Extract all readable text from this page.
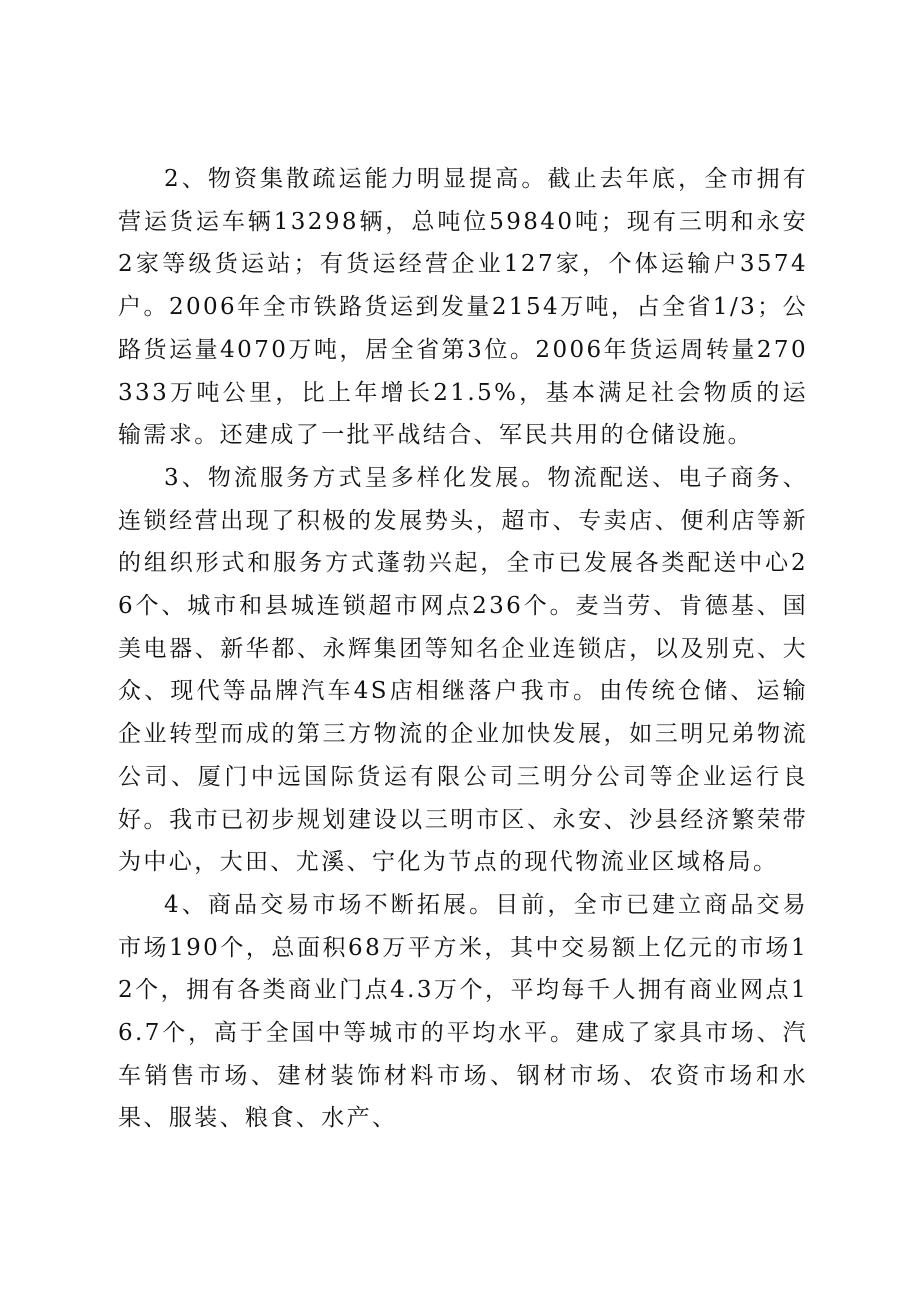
2、物资集散疏运能力明显提高。截止去年底，全市拥有营运货运车辆13298辆，总吨位59840吨；现有三明和永安2家等级货运站；有货运经营企业127家，个体运输户3574户。2006年全市铁路货运到发量2154万吨，占全省1/3；公路货运量4070万吨，居全省第3位。2006年货运周转量270333万吨公里，比上年增长21.5%，基本满足社会物质的运输需求。还建成了一批平战结合、军民共用的仓储设施。

3、物流服务方式呈多样化发展。物流配送、电子商务、连锁经营出现了积极的发展势头，超市、专卖店、便利店等新的组织形式和服务方式蓬勃兴起，全市已发展各类配送中心26个、城市和县城连锁超市网点236个。麦当劳、肯德基、国美电器、新华都、永辉集团等知名企业连锁店，以及别克、大众、现代等品牌汽车4S店相继落户我市。由传统仓储、运输企业转型而成的第三方物流的企业加快发展，如三明兄弟物流公司、厦门中远国际货运有限公司三明分公司等企业运行良好。我市已初步规划建设以三明市区、永安、沙县经济繁荣带为中心，大田、尤溪、宁化为节点的现代物流业区域格局。

4、商品交易市场不断拓展。目前，全市已建立商品交易市场190个，总面积68万平方米，其中交易额上亿元的市场12个，拥有各类商业门点4.3万个，平均每千人拥有商业网点16.7个，高于全国中等城市的平均水平。建成了家具市场、汽车销售市场、建材装饰材料市场、钢材市场、农资市场和水果、服装、粮食、水产、
